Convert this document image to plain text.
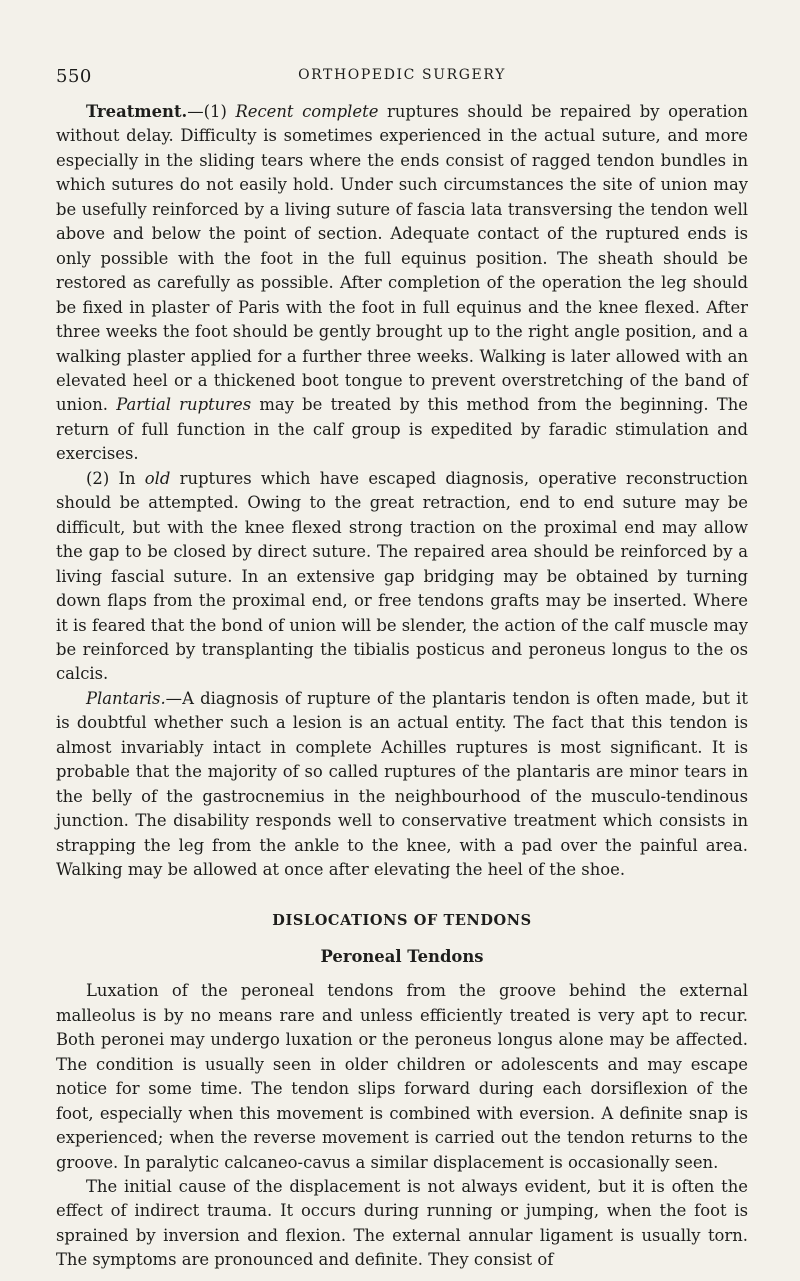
550	ORTHOPEDIC SURGERY

Treatment.—(1) Recent complete ruptures should be repaired by operation without delay. Difficulty is sometimes experienced in the actual suture, and more especially in the sliding tears where the ends consist of ragged tendon bundles in which sutures do not easily hold. Under such circumstances the site of union may be usefully reinforced by a living suture of fascia lata transversing the tendon well above and below the point of section. Adequate contact of the ruptured ends is only possible with the foot in the full equinus position. The sheath should be restored as carefully as possible. After completion of the operation the leg should be fixed in plaster of Paris with the foot in full equinus and the knee flexed. After three weeks the foot should be gently brought up to the right angle position, and a walking plaster applied for a further three weeks. Walking is later allowed with an elevated heel or a thickened boot tongue to prevent overstretching of the band of union. Partial ruptures may be treated by this method from the beginning. The return of full function in the calf group is expedited by faradic stimulation and exercises.

(2) In old ruptures which have escaped diagnosis, operative reconstruction should be attempted. Owing to the great retraction, end to end suture may be difficult, but with the knee flexed strong traction on the proximal end may allow the gap to be closed by direct suture. The repaired area should be reinforced by a living fascial suture. In an extensive gap bridging may be obtained by turning down flaps from the proximal end, or free tendons grafts may be inserted. Where it is feared that the bond of union will be slender, the action of the calf muscle may be reinforced by transplanting the tibialis posticus and peroneus longus to the os calcis.

Plantaris.—A diagnosis of rupture of the plantaris tendon is often made, but it is doubtful whether such a lesion is an actual entity. The fact that this tendon is almost invariably intact in complete Achilles ruptures is most significant. It is probable that the majority of so called ruptures of the plantaris are minor tears in the belly of the gastrocnemius in the neighbourhood of the musculo-tendinous junction. The disability responds well to conservative treatment which consists in strapping the leg from the ankle to the knee, with a pad over the painful area. Walking may be allowed at once after elevating the heel of the shoe.

DISLOCATIONS OF TENDONS
Peroneal Tendons

Luxation of the peroneal tendons from the groove behind the external malleolus is by no means rare and unless efficiently treated is very apt to recur. Both peronei may undergo luxation or the peroneus longus alone may be affected. The condition is usually seen in older children or adolescents and may escape notice for some time. The tendon slips forward during each dorsiflexion of the foot, especially when this movement is combined with eversion. A definite snap is experienced; when the reverse movement is carried out the tendon returns to the groove. In paralytic calcaneo-cavus a similar displacement is occasionally seen.

The initial cause of the displacement is not always evident, but it is often the effect of indirect trauma. It occurs during running or jumping, when the foot is sprained by inversion and flexion. The external annular ligament is usually torn. The symptoms are pronounced and definite. They consist of
